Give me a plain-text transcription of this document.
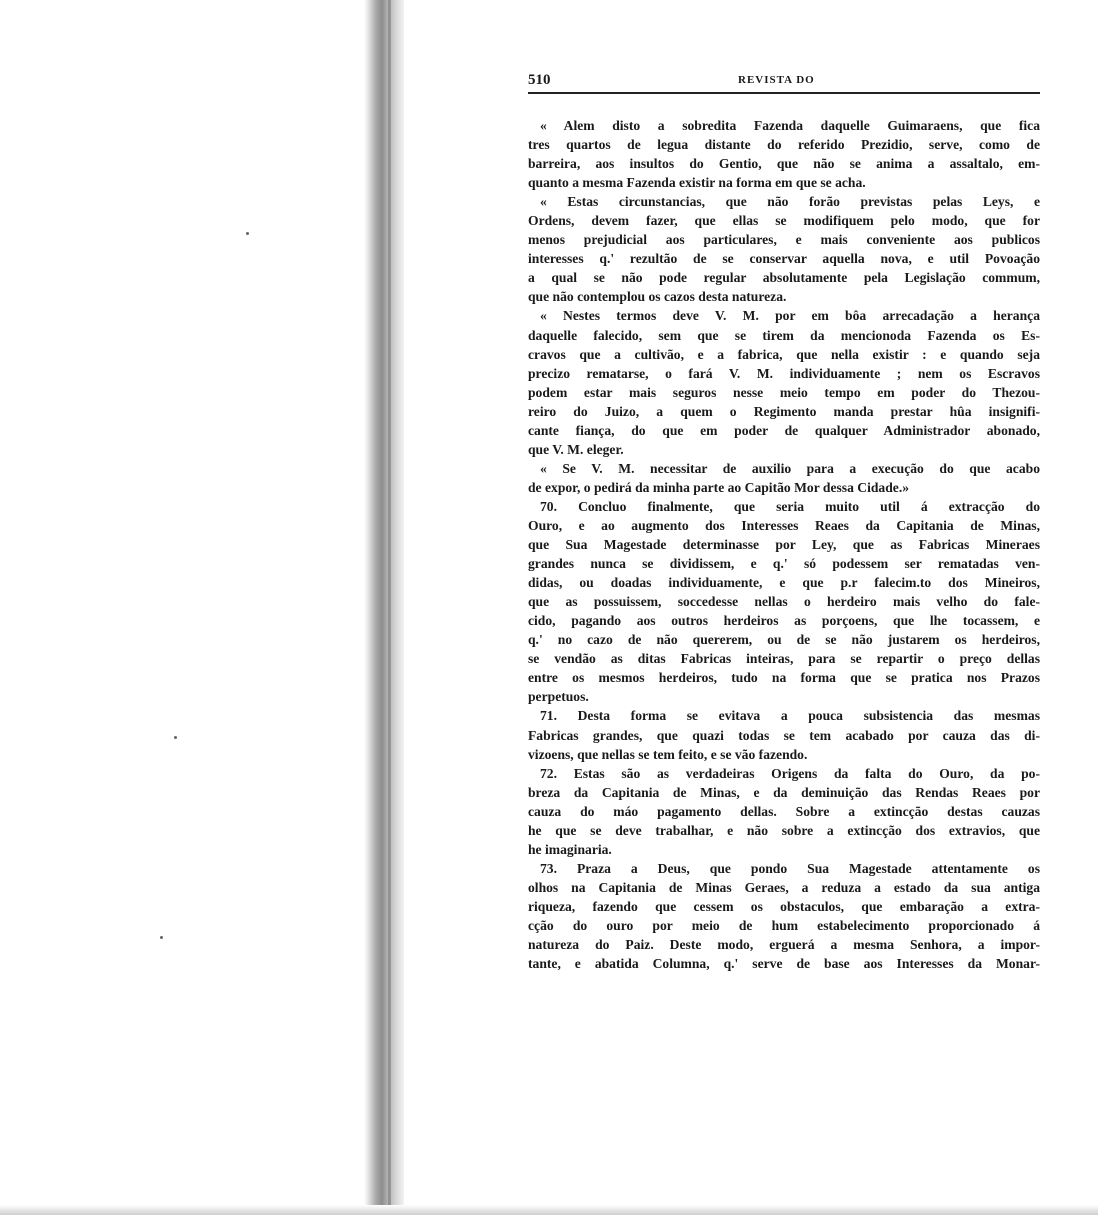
510	REVISTA DO
« Alem disto a sobredita Fazenda daquelle Guimaraens, que fica
tres quartos de legua distante do referido Prezidio, serve, como de
barreira, aos insultos do Gentio, que não se anima a assaltalo, em-
quanto a mesma Fazenda existir na forma em que se acha.
« Estas circunstancias, que não forão previstas pelas Leys, e
Ordens, devem fazer, que ellas se modifiquem pelo modo, que for
menos prejudicial aos particulares, e mais conveniente aos publicos
interesses q.' rezultão de se conservar aquella nova, e util Povoação
a qual se não pode regular absolutamente pela Legislação commum,
que não contemplou os cazos desta natureza.
« Nestes termos deve V. M. por em bôa arrecadação a herança
daquelle falecido, sem que se tirem da mencionoda Fazenda os Es-
cravos que a cultivão, e a fabrica, que nella existir : e quando seja
precizo rematarse, o fará V. M. individuamente ; nem os Escravos
podem estar mais seguros nesse meio tempo em poder do Thezou-
reiro do Juizo, a quem o Regimento manda prestar hûa insignifi-
cante fiança, do que em poder de qualquer Administrador abonado,
que V. M. eleger.
« Se V. M. necessitar de auxilio para a execução do que acabo
de expor, o pedirá da minha parte ao Capitão Mor dessa Cidade.»
70. Concluo finalmente, que seria muito util á extracção do
Ouro, e ao augmento dos Interesses Reaes da Capitania de Minas,
que Sua Magestade determinasse por Ley, que as Fabricas Mineraes
grandes nunca se dividissem, e q.' só podessem ser rematadas ven-
didas, ou doadas individuamente, e que p.r falecim.to dos Mineiros,
que as possuissem, soccedesse nellas o herdeiro mais velho do fale-
cido, pagando aos outros herdeiros as porçoens, que lhe tocassem, e
q.' no cazo de não quererem, ou de se não justarem os herdeiros,
se vendão as ditas Fabricas inteiras, para se repartir o preço dellas
entre os mesmos herdeiros, tudo na forma que se pratica nos Prazos
perpetuos.
71. Desta forma se evitava a pouca subsistencia das mesmas
Fabricas grandes, que quazi todas se tem acabado por cauza das di-
vizoens, que nellas se tem feito, e se vão fazendo.
72. Estas são as verdadeiras Origens da falta do Ouro, da po-
breza da Capitania de Minas, e da deminuição das Rendas Reaes por
cauza do máo pagamento dellas. Sobre a extincção destas cauzas
he que se deve trabalhar, e não sobre a extincção dos extravios, que
he imaginaria.
73. Praza a Deus, que pondo Sua Magestade attentamente os
olhos na Capitania de Minas Geraes, a reduza a estado da sua antiga
riqueza, fazendo que cessem os obstaculos, que embaração a extra-
cção do ouro por meio de hum estabelecimento proporcionado á
natureza do Paiz. Deste modo, erguerá a mesma Senhora, a impor-
tante, e abatida Columna, q.' serve de base aos Interesses da Monar-
